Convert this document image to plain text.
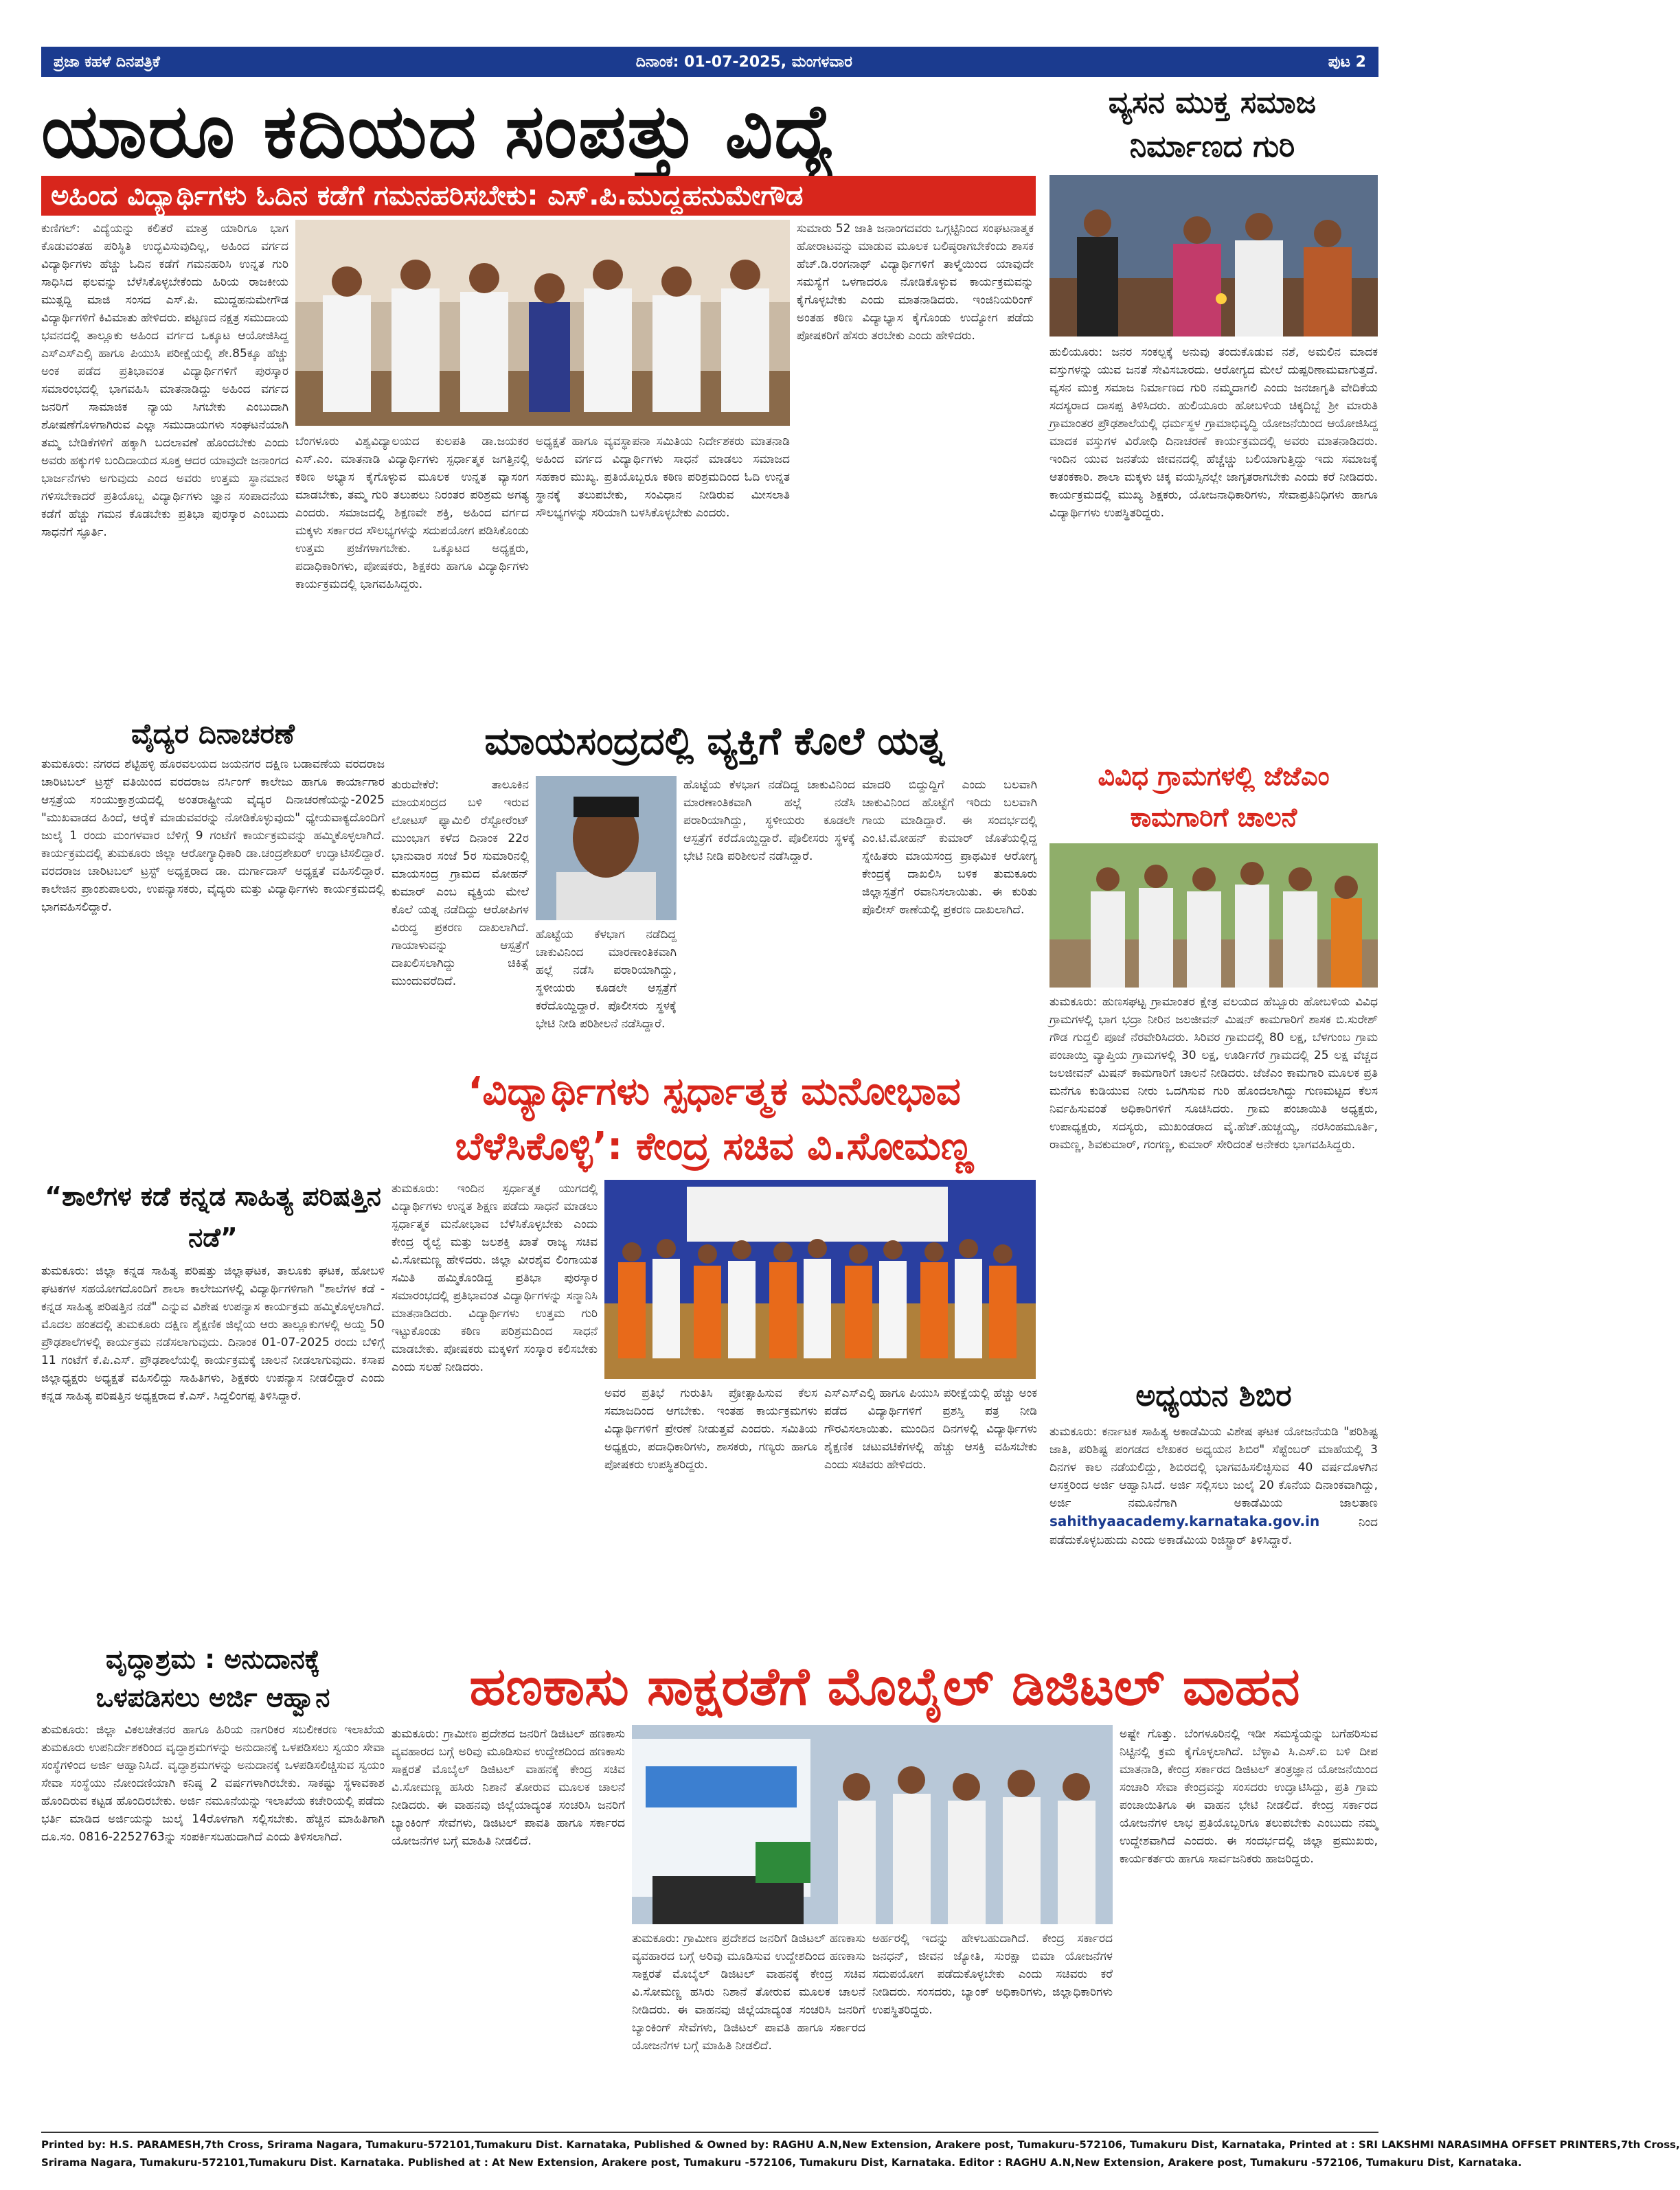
ಪ್ರಜಾ ಕಹಳೆ ದಿನಪತ್ರಿಕೆ	ದಿನಾಂಕ: 01-07-2025, ಮಂಗಳವಾರ	ಪುಟ 2
ಯಾರೂ ಕದಿಯದ ಸಂಪತ್ತು ವಿದ್ಯೆ	ವ್ಯಸನ ಮುಕ್ತ ಸಮಾಜ ನಿರ್ಮಾಣದ ಗುರಿ
ಅಹಿಂದ ವಿದ್ಯಾರ್ಥಿಗಳು ಓದಿನ ಕಡೆಗೆ ಗಮನಹರಿಸಬೇಕು: ಎಸ್.ಪಿ.ಮುದ್ದಹನುಮೇಗೌಡ
ಕುಣಿಗಲ್: ವಿದ್ಯೆಯನ್ನು ಕಲಿತರೆ ಮಾತ್ರ ಯಾರಿಗೂ ಭಾಗ ಕೊಡುವಂತಹ ಪರಿಸ್ಥಿತಿ ಉದ್ಭವಿಸುವುದಿಲ್ಲ, ಅಹಿಂದ ವರ್ಗದ ವಿದ್ಯಾರ್ಥಿಗಳು ಹೆಚ್ಚು ಓದಿನ ಕಡೆಗೆ ಗಮನಹರಿಸಿ ಉನ್ನತ ಗುರಿ ಸಾಧಿಸಿದ ಫಲವನ್ನು ಬೆಳೆಸಿಕೊಳ್ಳಬೇಕೆಂದು ಹಿರಿಯ ರಾಜಕೀಯ ಮುತ್ಸದ್ದಿ ಮಾಜಿ ಸಂಸದ ಎಸ್.ಪಿ. ಮುದ್ದಹನುಮೇಗೌಡ ವಿದ್ಯಾರ್ಥಿಗಳಿಗೆ ಕಿವಿಮಾತು ಹೇಳಿದರು. ಪಟ್ಟಣದ ನಕ್ಷತ್ರ ಸಮುದಾಯ ಭವನದಲ್ಲಿ ತಾಲ್ಲೂಕು ಅಹಿಂದ ವರ್ಗದ ಒಕ್ಕೂಟ ಆಯೋಜಿಸಿದ್ದ ಎಸ್ಎಸ್ಎಲ್ಸಿ ಹಾಗೂ ಪಿಯುಸಿ ಪರೀಕ್ಷೆಯಲ್ಲಿ ಶೇ.85ಕ್ಕೂ ಹೆಚ್ಚು ಅಂಕ ಪಡೆದ ಪ್ರತಿಭಾವಂತ ವಿದ್ಯಾರ್ಥಿಗಳಿಗೆ ಪುರಸ್ಕಾರ ಸಮಾರಂಭದಲ್ಲಿ ಭಾಗವಹಿಸಿ ಮಾತನಾಡಿದ್ದು ಅಹಿಂದ ವರ್ಗದ ಜನರಿಗೆ ಸಾಮಾಜಿಕ ನ್ಯಾಯ ಸಿಗಬೇಕು ಎಂಬುದಾಗಿ ಶೋಷಣೆಗೊಳಗಾಗಿರುವ ಎಲ್ಲಾ ಸಮುದಾಯಗಳು ಸಂಘಟನೆಯಾಗಿ ತಮ್ಮ ಬೇಡಿಕೆಗಳಿಗೆ ಹಕ್ಕಾಗಿ ಬದಲಾವಣೆ ಹೊಂದಬೇಕು ಎಂದು ಅವರು ಹಕ್ಕುಗಳಿ ಬಂದಿದಾಯದ ಸೂಕ್ತ ಆದರ ಯಾವುದೇ ಜನಾಂಗದ ಭಾರ್ಜನೆಗಳು ಅಗುವುದು ಎಂದ ಅವರು ಉತ್ತಮ ಸ್ಥಾನಮಾನ ಗಳಿಸಬೇಕಾದರೆ ಪ್ರತಿಯೊಬ್ಬ ವಿದ್ಯಾರ್ಥಿಗಳು ಜ್ಞಾನ ಸಂಪಾದನೆಯ ಕಡೆಗೆ ಹೆಚ್ಚು ಗಮನ ಕೊಡಬೇಕು ಪ್ರತಿಭಾ ಪುರಸ್ಕಾರ ಎಂಬುದು ಸಾಧನೆಗೆ ಸ್ಫೂರ್ತಿ.
ಬೆಂಗಳೂರು ವಿಶ್ವವಿದ್ಯಾಲಯದ ಕುಲಪತಿ ಡಾ.ಜಯಕರ ಎಸ್.ಎಂ. ಮಾತನಾಡಿ ವಿದ್ಯಾರ್ಥಿಗಳು ಸ್ಪರ್ಧಾತ್ಮಕ ಜಗತ್ತಿನಲ್ಲಿ ಕಠಿಣ ಅಭ್ಯಾಸ ಕೈಗೊಳ್ಳುವ ಮೂಲಕ ಉನ್ನತ ವ್ಯಾಸಂಗ ಮಾಡಬೇಕು, ತಮ್ಮ ಗುರಿ ತಲುಪಲು ನಿರಂತರ ಪರಿಶ್ರಮ ಅಗತ್ಯ ಎಂದರು. ಸಮಾಜದಲ್ಲಿ ಶಿಕ್ಷಣವೇ ಶಕ್ತಿ, ಅಹಿಂದ ವರ್ಗದ ಮಕ್ಕಳು ಸರ್ಕಾರದ ಸೌಲಭ್ಯಗಳನ್ನು ಸದುಪಯೋಗ ಪಡಿಸಿಕೊಂಡು ಉತ್ತಮ ಪ್ರಜೆಗಳಾಗಬೇಕು. ಒಕ್ಕೂಟದ ಅಧ್ಯಕ್ಷರು, ಪದಾಧಿಕಾರಿಗಳು, ಪೋಷಕರು, ಶಿಕ್ಷಕರು ಹಾಗೂ ವಿದ್ಯಾರ್ಥಿಗಳು ಕಾರ್ಯಕ್ರಮದಲ್ಲಿ ಭಾಗವಹಿಸಿದ್ದರು.
ಅಧ್ಯಕ್ಷತೆ ಹಾಗೂ ವ್ಯವಸ್ಥಾಪನಾ ಸಮಿತಿಯ ನಿರ್ದೇಶಕರು ಮಾತನಾಡಿ ಅಹಿಂದ ವರ್ಗದ ವಿದ್ಯಾರ್ಥಿಗಳು ಸಾಧನೆ ಮಾಡಲು ಸಮಾಜದ ಸಹಕಾರ ಮುಖ್ಯ. ಪ್ರತಿಯೊಬ್ಬರೂ ಕಠಿಣ ಪರಿಶ್ರಮದಿಂದ ಓದಿ ಉನ್ನತ ಸ್ಥಾನಕ್ಕೆ ತಲುಪಬೇಕು, ಸಂವಿಧಾನ ನೀಡಿರುವ ಮೀಸಲಾತಿ ಸೌಲಭ್ಯಗಳನ್ನು ಸರಿಯಾಗಿ ಬಳಸಿಕೊಳ್ಳಬೇಕು ಎಂದರು.
ಸುಮಾರು 52 ಜಾತಿ ಜನಾಂಗದವರು ಒಗ್ಗಟ್ಟಿನಿಂದ ಸಂಘಟನಾತ್ಮಕ ಹೋರಾಟವನ್ನು ಮಾಡುವ ಮೂಲಕ ಬಲಿಷ್ಠರಾಗಬೇಕೆಂದು ಶಾಸಕ ಹೆಚ್.ಡಿ.ರಂಗನಾಥ್ ವಿದ್ಯಾರ್ಥಿಗಳಿಗೆ ತಾಳ್ಮೆಯಿಂದ ಯಾವುದೇ ಸಮಸ್ಯೆಗೆ ಒಳಗಾದರೂ ನೋಡಿಕೊಳ್ಳುವ ಕಾರ್ಯಕ್ರಮವನ್ನು ಕೈಗೊಳ್ಳಬೇಕು ಎಂದು ಮಾತನಾಡಿದರು. ಇಂಜಿನಿಯರಿಂಗ್ ಅಂತಹ ಕಠಿಣ ವಿದ್ಯಾಭ್ಯಾಸ ಕೈಗೊಂಡು ಉದ್ಯೋಗ ಪಡೆದು ಪೋಷಕರಿಗೆ ಹೆಸರು ತರಬೇಕು ಎಂದು ಹೇಳಿದರು.
ಹುಲಿಯೂರು: ಜನರ ಸಂಕಲ್ಪಕ್ಕೆ ಅನುವು ತಂದುಕೊಡುವ ನಶೆ, ಅಮಲಿನ ಮಾದಕ ವಸ್ತುಗಳನ್ನು ಯುವ ಜನತೆ ಸೇವಿಸಬಾರದು. ಆರೋಗ್ಯದ ಮೇಲೆ ದುಷ್ಪರಿಣಾಮವಾಗುತ್ತದೆ. ವ್ಯಸನ ಮುಕ್ತ ಸಮಾಜ ನಿರ್ಮಾಣದ ಗುರಿ ನಮ್ಮದಾಗಲಿ ಎಂದು ಜನಜಾಗೃತಿ ವೇದಿಕೆಯ ಸದಸ್ಯರಾದ ದಾಸಪ್ಪ ತಿಳಿಸಿದರು. ಹುಲಿಯೂರು ಹೋಬಳಿಯ ಚಿಕ್ಕದಿಬ್ಬೆ ಶ್ರೀ ಮಾರುತಿ ಗ್ರಾಮಾಂತರ ಪ್ರೌಢಶಾಲೆಯಲ್ಲಿ ಧರ್ಮಸ್ಥಳ ಗ್ರಾಮಾಭಿವೃದ್ಧಿ ಯೋಜನೆಯಿಂದ ಆಯೋಜಿಸಿದ್ದ ಮಾದಕ ವಸ್ತುಗಳ ವಿರೋಧಿ ದಿನಾಚರಣೆ ಕಾರ್ಯಕ್ರಮದಲ್ಲಿ ಅವರು ಮಾತನಾಡಿದರು. ಇಂದಿನ ಯುವ ಜನತೆಯ ಜೀವನದಲ್ಲಿ ಹೆಚ್ಚೆಚ್ಚು ಬಲಿಯಾಗುತ್ತಿದ್ದು ಇದು ಸಮಾಜಕ್ಕೆ ಆತಂಕಕಾರಿ. ಶಾಲಾ ಮಕ್ಕಳು ಚಿಕ್ಕ ವಯಸ್ಸಿನಲ್ಲೇ ಜಾಗೃತರಾಗಬೇಕು ಎಂದು ಕರೆ ನೀಡಿದರು. ಕಾರ್ಯಕ್ರಮದಲ್ಲಿ ಮುಖ್ಯ ಶಿಕ್ಷಕರು, ಯೋಜನಾಧಿಕಾರಿಗಳು, ಸೇವಾಪ್ರತಿನಿಧಿಗಳು ಹಾಗೂ ವಿದ್ಯಾರ್ಥಿಗಳು ಉಪಸ್ಥಿತರಿದ್ದರು.
ವೈದ್ಯರ ದಿನಾಚರಣೆ
ತುಮಕೂರು: ನಗರದ ಶೆಟ್ಟಿಹಳ್ಳಿ ಹೊರವಲಯದ ಜಯನಗರ ದಕ್ಷಿಣ ಬಡಾವಣೆಯ ವರದರಾಜ ಚಾರಿಟಬಲ್ ಟ್ರಸ್ಟ್ ವತಿಯಿಂದ ವರದರಾಜ ನರ್ಸಿಂಗ್ ಕಾಲೇಜು ಹಾಗೂ ಕಾರ್ಯಾಗಾರ ಆಸ್ಪತ್ರೆಯ ಸಂಯುಕ್ತಾಶ್ರಯದಲ್ಲಿ ಅಂತರಾಷ್ಟ್ರೀಯ ವೈದ್ಯರ ದಿನಾಚರಣೆಯನ್ನು-2025 "ಮುಖವಾಡದ ಹಿಂದೆ, ಆರೈಕೆ ಮಾಡುವವರನ್ನು ನೋಡಿಕೊಳ್ಳುವುದು" ಧ್ಯೇಯವಾಕ್ಯದೊಂದಿಗೆ ಜುಲೈ 1 ರಂದು ಮಂಗಳವಾರ ಬೆಳಿಗ್ಗೆ 9 ಗಂಟೆಗೆ ಕಾರ್ಯಕ್ರಮವನ್ನು ಹಮ್ಮಿಕೊಳ್ಳಲಾಗಿದೆ. ಕಾರ್ಯಕ್ರಮದಲ್ಲಿ ತುಮಕೂರು ಜಿಲ್ಲಾ ಆರೋಗ್ಯಾಧಿಕಾರಿ ಡಾ.ಚಂದ್ರಶೇಖರ್ ಉದ್ಘಾಟಿಸಲಿದ್ದಾರೆ. ವರದರಾಜ ಚಾರಿಟಬಲ್ ಟ್ರಸ್ಟ್ ಅಧ್ಯಕ್ಷರಾದ ಡಾ. ದುರ್ಗಾದಾಸ್ ಅಧ್ಯಕ್ಷತೆ ವಹಿಸಲಿದ್ದಾರೆ. ಕಾಲೇಜಿನ ಪ್ರಾಂಶುಪಾಲರು, ಉಪನ್ಯಾಸಕರು, ವೈದ್ಯರು ಮತ್ತು ವಿದ್ಯಾರ್ಥಿಗಳು ಕಾರ್ಯಕ್ರಮದಲ್ಲಿ ಭಾಗವಹಿಸಲಿದ್ದಾರೆ.
“ಶಾಲೆಗಳ ಕಡೆ ಕನ್ನಡ ಸಾಹಿತ್ಯ ಪರಿಷತ್ತಿನ ನಡೆ”
ತುಮಕೂರು: ಜಿಲ್ಲಾ ಕನ್ನಡ ಸಾಹಿತ್ಯ ಪರಿಷತ್ತು ಜಿಲ್ಲಾಘಟಕ, ತಾಲೂಕು ಘಟಕ, ಹೋಬಳಿ ಘಟಕಗಳ ಸಹಯೋಗದೊಂದಿಗೆ ಶಾಲಾ ಕಾಲೇಜುಗಳಲ್ಲಿ ವಿದ್ಯಾರ್ಥಿಗಳಿಗಾಗಿ "ಶಾಲೆಗಳ ಕಡೆ - ಕನ್ನಡ ಸಾಹಿತ್ಯ ಪರಿಷತ್ತಿನ ನಡೆ" ಎನ್ನುವ ವಿಶೇಷ ಉಪನ್ಯಾಸ ಕಾರ್ಯಕ್ರಮ ಹಮ್ಮಿಕೊಳ್ಳಲಾಗಿದೆ. ಮೊದಲ ಹಂತದಲ್ಲಿ ತುಮಕೂರು ದಕ್ಷಿಣ ಶೈಕ್ಷಣಿಕ ಜಿಲ್ಲೆಯ ಆರು ತಾಲ್ಲೂಕುಗಳಲ್ಲಿ ಅಯ್ದ 50 ಪ್ರೌಢಶಾಲೆಗಳಲ್ಲಿ ಕಾರ್ಯಕ್ರಮ ನಡೆಸಲಾಗುವುದು. ದಿನಾಂಕ 01-07-2025 ರಂದು ಬೆಳಿಗ್ಗೆ 11 ಗಂಟೆಗೆ ಕೆ.ಪಿ.ಎಸ್. ಪ್ರೌಢಶಾಲೆಯಲ್ಲಿ ಕಾರ್ಯಕ್ರಮಕ್ಕೆ ಚಾಲನೆ ನೀಡಲಾಗುವುದು. ಕಸಾಪ ಜಿಲ್ಲಾಧ್ಯಕ್ಷರು ಅಧ್ಯಕ್ಷತೆ ವಹಿಸಲಿದ್ದು ಸಾಹಿತಿಗಳು, ಶಿಕ್ಷಕರು ಉಪನ್ಯಾಸ ನೀಡಲಿದ್ದಾರೆ ಎಂದು ಕನ್ನಡ ಸಾಹಿತ್ಯ ಪರಿಷತ್ತಿನ ಅಧ್ಯಕ್ಷರಾದ ಕೆ.ಎಸ್. ಸಿದ್ದಲಿಂಗಪ್ಪ ತಿಳಿಸಿದ್ದಾರೆ.
ವೃದ್ಧಾಶ್ರಮ : ಅನುದಾನಕ್ಕೆ
ಒಳಪಡಿಸಲು ಅರ್ಜಿ ಆಹ್ವಾನ
ತುಮಕೂರು: ಜಿಲ್ಲಾ ವಿಕಲಚೇತನರ ಹಾಗೂ ಹಿರಿಯ ನಾಗರಿಕರ ಸಬಲೀಕರಣ ಇಲಾಖೆಯ ತುಮಕೂರು ಉಪನಿರ್ದೇಶಕರಿಂದ ವೃದ್ಧಾಶ್ರಮಗಳನ್ನು ಅನುದಾನಕ್ಕೆ ಒಳಪಡಿಸಲು ಸ್ವಯಂ ಸೇವಾ ಸಂಸ್ಥೆಗಳಿಂದ ಅರ್ಜಿ ಆಹ್ವಾನಿಸಿದೆ. ವೃದ್ಧಾಶ್ರಮಗಳನ್ನು ಅನುದಾನಕ್ಕೆ ಒಳಪಡಿಸಲಿಚ್ಚಿಸುವ ಸ್ವಯಂ ಸೇವಾ ಸಂಸ್ಥೆಯು ನೋಂದಣಿಯಾಗಿ ಕನಿಷ್ಠ 2 ವರ್ಷಗಳಾಗಿರಬೇಕು. ಸಾಕಷ್ಟು ಸ್ಥಳಾವಕಾಶ ಹೊಂದಿರುವ ಕಟ್ಟಡ ಹೊಂದಿರಬೇಕು. ಅರ್ಜಿ ನಮೂನೆಯನ್ನು ಇಲಾಖೆಯ ಕಚೇರಿಯಲ್ಲಿ ಪಡೆದು ಭರ್ತಿ ಮಾಡಿದ ಅರ್ಜಿಯನ್ನು ಜುಲೈ 14ರೊಳಗಾಗಿ ಸಲ್ಲಿಸಬೇಕು. ಹೆಚ್ಚಿನ ಮಾಹಿತಿಗಾಗಿ ದೂ.ಸಂ. 0816-2252763ನ್ನು ಸಂಪರ್ಕಿಸಬಹುದಾಗಿದೆ ಎಂದು ತಿಳಿಸಲಾಗಿದೆ.
ಮಾಯಸಂದ್ರದಲ್ಲಿ ವ್ಯಕ್ತಿಗೆ ಕೊಲೆ ಯತ್ನ
ತುರುವೇಕೆರೆ: ತಾಲೂಕಿನ ಮಾಯಸಂದ್ರದ ಬಳಿ ಇರುವ ಲೋಟಸ್ ಫ್ಯಾಮಿಲಿ ರೆಸ್ಟೋರೆಂಟ್ ಮುಂಭಾಗ ಕಳೆದ ದಿನಾಂಕ 22ರ ಭಾನುವಾರ ಸಂಜೆ 5ರ ಸುಮಾರಿನಲ್ಲಿ ಮಾಯಸಂದ್ರ ಗ್ರಾಮದ ಮೋಹನ್ ಕುಮಾರ್ ಎಂಬ ವ್ಯಕ್ತಿಯ ಮೇಲೆ ಕೊಲೆ ಯತ್ನ ನಡೆದಿದ್ದು ಆರೋಪಿಗಳ ವಿರುದ್ಧ ಪ್ರಕರಣ ದಾಖಲಾಗಿದೆ. ಗಾಯಾಳುವನ್ನು ಆಸ್ಪತ್ರೆಗೆ ದಾಖಲಿಸಲಾಗಿದ್ದು ಚಿಕಿತ್ಸೆ ಮುಂದುವರೆದಿದೆ.
ಹೊಟ್ಟೆಯ ಕೆಳಭಾಗ ನಡೆದಿದ್ದ ಚಾಕುವಿನಿಂದ ಮಾರಣಾಂತಿಕವಾಗಿ ಹಲ್ಲೆ ನಡೆಸಿ ಪರಾರಿಯಾಗಿದ್ದು, ಸ್ಥಳೀಯರು ಕೂಡಲೇ ಆಸ್ಪತ್ರೆಗೆ ಕರೆದೊಯ್ದಿದ್ದಾರೆ. ಪೊಲೀಸರು ಸ್ಥಳಕ್ಕೆ ಭೇಟಿ ನೀಡಿ ಪರಿಶೀಲನೆ ನಡೆಸಿದ್ದಾರೆ.
ಹೊಟ್ಟೆಯ ಕೆಳಭಾಗ ನಡೆದಿದ್ದ ಚಾಕುವಿನಿಂದ ಮಾರಣಾಂತಿಕವಾಗಿ ಹಲ್ಲೆ ನಡೆಸಿ ಪರಾರಿಯಾಗಿದ್ದು, ಸ್ಥಳೀಯರು ಕೂಡಲೇ ಆಸ್ಪತ್ರೆಗೆ ಕರೆದೊಯ್ದಿದ್ದಾರೆ. ಪೊಲೀಸರು ಸ್ಥಳಕ್ಕೆ ಭೇಟಿ ನೀಡಿ ಪರಿಶೀಲನೆ ನಡೆಸಿದ್ದಾರೆ.
ಮಾದರಿ ಬಿದ್ದುದ್ದಿಗೆ ಎಂದು ಬಲವಾಗಿ ಚಾಕುವಿನಿಂದ ಹೊಟ್ಟೆಗೆ ಇರಿದು ಬಲವಾಗಿ ಗಾಯ ಮಾಡಿದ್ದಾರೆ. ಈ ಸಂದರ್ಭದಲ್ಲಿ ಎಂ.ಟಿ.ಮೋಹನ್ ಕುಮಾರ್ ಜೊತೆಯಲ್ಲಿದ್ದ ಸ್ನೇಹಿತರು ಮಾಯಸಂದ್ರ ಪ್ರಾಥಮಿಕ ಆರೋಗ್ಯ ಕೇಂದ್ರಕ್ಕೆ ದಾಖಲಿಸಿ ಬಳಿಕ ತುಮಕೂರು ಜಿಲ್ಲಾಸ್ಪತ್ರೆಗೆ ರವಾನಿಸಲಾಯಿತು. ಈ ಕುರಿತು ಪೊಲೀಸ್ ಠಾಣೆಯಲ್ಲಿ ಪ್ರಕರಣ ದಾಖಲಾಗಿದೆ.
ವಿವಿಧ ಗ್ರಾಮಗಳಲ್ಲಿ ಜೆಜೆಎಂ ಕಾಮಗಾರಿಗೆ ಚಾಲನೆ
ತುಮಕೂರು: ಹುಣಸಘಟ್ಟ ಗ್ರಾಮಾಂತರ ಕ್ಷೇತ್ರ ವಲಯದ ಹೆಬ್ಬೂರು ಹೋಬಳಿಯ ವಿವಿಧ ಗ್ರಾಮಗಳಲ್ಲಿ ಭಾಗ ಭದ್ರಾ ನೀರಿನ ಜಲಜೀವನ್ ಮಿಷನ್ ಕಾಮಗಾರಿಗೆ ಶಾಸಕ ಬಿ.ಸುರೇಶ್ ಗೌಡ ಗುದ್ದಲಿ ಪೂಜೆ ನೆರವೇರಿಸಿದರು. ಸಿರಿವರ ಗ್ರಾಮದಲ್ಲಿ 80 ಲಕ್ಷ, ಬೆಳಗುಂಬ ಗ್ರಾಮ ಪಂಚಾಯ್ತಿ ವ್ಯಾಪ್ತಿಯ ಗ್ರಾಮಗಳಲ್ಲಿ 30 ಲಕ್ಷ, ಊರ್ಡಿಗೆರೆ ಗ್ರಾಮದಲ್ಲಿ 25 ಲಕ್ಷ ವೆಚ್ಚದ ಜಲಜೀವನ್ ಮಿಷನ್ ಕಾಮಗಾರಿಗೆ ಚಾಲನೆ ನೀಡಿದರು. ಜೆಜೆಎಂ ಕಾಮಗಾರಿ ಮೂಲಕ ಪ್ರತಿ ಮನೆಗೂ ಕುಡಿಯುವ ನೀರು ಒದಗಿಸುವ ಗುರಿ ಹೊಂದಲಾಗಿದ್ದು ಗುಣಮಟ್ಟದ ಕೆಲಸ ನಿರ್ವಹಿಸುವಂತೆ ಅಧಿಕಾರಿಗಳಿಗೆ ಸೂಚಿಸಿದರು. ಗ್ರಾಮ ಪಂಚಾಯಿತಿ ಅಧ್ಯಕ್ಷರು, ಉಪಾಧ್ಯಕ್ಷರು, ಸದಸ್ಯರು, ಮುಖಂಡರಾದ ವೈ.ಹೆಚ್.ಹುಚ್ಚಯ್ಯ, ನರಸಿಂಹಮೂರ್ತಿ, ರಾಮಣ್ಣ, ಶಿವಕುಮಾರ್, ಗಂಗಣ್ಣ, ಕುಮಾರ್ ಸೇರಿದಂತೆ ಅನೇಕರು ಭಾಗವಹಿಸಿದ್ದರು.
ಅಧ್ಯಯನ ಶಿಬಿರ
ತುಮಕೂರು: ಕರ್ನಾಟಕ ಸಾಹಿತ್ಯ ಅಕಾಡೆಮಿಯ ವಿಶೇಷ ಘಟಕ ಯೋಜನೆಯಡಿ "ಪರಿಶಿಷ್ಟ ಜಾತಿ, ಪರಿಶಿಷ್ಟ ಪಂಗಡದ ಲೇಖಕರ ಅಧ್ಯಯನ ಶಿಬಿರ" ಸೆಪ್ಟೆಂಬರ್ ಮಾಹೆಯಲ್ಲಿ 3 ದಿನಗಳ ಕಾಲ ನಡೆಯಲಿದ್ದು, ಶಿಬಿರದಲ್ಲಿ ಭಾಗವಹಿಸಲಿಚ್ಛಿಸುವ 40 ವರ್ಷದೊಳಗಿನ ಆಸಕ್ತರಿಂದ ಅರ್ಜಿ ಆಹ್ವಾನಿಸಿದೆ. ಅರ್ಜಿ ಸಲ್ಲಿಸಲು ಜುಲೈ 20 ಕೊನೆಯ ದಿನಾಂಕವಾಗಿದ್ದು, ಅರ್ಜಿ ನಮೂನೆಗಾಗಿ ಅಕಾಡೆಮಿಯ ಜಾಲತಾಣ sahithyaacademy.karnataka.gov.in	ನಿಂದ ಪಡೆದುಕೊಳ್ಳಬಹುದು ಎಂದು ಅಕಾಡೆಮಿಯ ರಿಜಿಸ್ಟ್ರಾರ್ ತಿಳಿಸಿದ್ದಾರೆ.
‘ವಿದ್ಯಾರ್ಥಿಗಳು ಸ್ಪರ್ಧಾತ್ಮಕ ಮನೋಭಾವ
ಬೆಳೆಸಿಕೊಳ್ಳಿ’: ಕೇಂದ್ರ ಸಚಿವ ವಿ.ಸೋಮಣ್ಣ
ತುಮಕೂರು: ಇಂದಿನ ಸ್ಪರ್ಧಾತ್ಮಕ ಯುಗದಲ್ಲಿ ವಿದ್ಯಾರ್ಥಿಗಳು ಉನ್ನತ ಶಿಕ್ಷಣ ಪಡೆದು ಸಾಧನೆ ಮಾಡಲು ಸ್ಪರ್ಧಾತ್ಮಕ ಮನೋಭಾವ ಬೆಳೆಸಿಕೊಳ್ಳಬೇಕು ಎಂದು ಕೇಂದ್ರ ರೈಲ್ವೆ ಮತ್ತು ಜಲಶಕ್ತಿ ಖಾತೆ ರಾಜ್ಯ ಸಚಿವ ವಿ.ಸೋಮಣ್ಣ ಹೇಳಿದರು. ಜಿಲ್ಲಾ ವೀರಶೈವ ಲಿಂಗಾಯತ ಸಮಿತಿ ಹಮ್ಮಿಕೊಂಡಿದ್ದ ಪ್ರತಿಭಾ ಪುರಸ್ಕಾರ ಸಮಾರಂಭದಲ್ಲಿ ಪ್ರತಿಭಾವಂತ ವಿದ್ಯಾರ್ಥಿಗಳನ್ನು ಸನ್ಮಾನಿಸಿ ಮಾತನಾಡಿದರು. ವಿದ್ಯಾರ್ಥಿಗಳು ಉತ್ತಮ ಗುರಿ ಇಟ್ಟುಕೊಂಡು ಕಠಿಣ ಪರಿಶ್ರಮದಿಂದ ಸಾಧನೆ ಮಾಡಬೇಕು. ಪೋಷಕರು ಮಕ್ಕಳಿಗೆ ಸಂಸ್ಕಾರ ಕಲಿಸಬೇಕು ಎಂದು ಸಲಹೆ ನೀಡಿದರು.
ಅವರ ಪ್ರತಿಭೆ ಗುರುತಿಸಿ ಪ್ರೋತ್ಸಾಹಿಸುವ ಕೆಲಸ ಸಮಾಜದಿಂದ ಆಗಬೇಕು. ಇಂತಹ ಕಾರ್ಯಕ್ರಮಗಳು ವಿದ್ಯಾರ್ಥಿಗಳಿಗೆ ಪ್ರೇರಣೆ ನೀಡುತ್ತವೆ ಎಂದರು. ಸಮಿತಿಯ ಅಧ್ಯಕ್ಷರು, ಪದಾಧಿಕಾರಿಗಳು, ಶಾಸಕರು, ಗಣ್ಯರು ಹಾಗೂ ಪೋಷಕರು ಉಪಸ್ಥಿತರಿದ್ದರು.
ಎಸ್ಎಸ್ಎಲ್ಸಿ ಹಾಗೂ ಪಿಯುಸಿ ಪರೀಕ್ಷೆಯಲ್ಲಿ ಹೆಚ್ಚು ಅಂಕ ಪಡೆದ ವಿದ್ಯಾರ್ಥಿಗಳಿಗೆ ಪ್ರಶಸ್ತಿ ಪತ್ರ ನೀಡಿ ಗೌರವಿಸಲಾಯಿತು. ಮುಂದಿನ ದಿನಗಳಲ್ಲಿ ವಿದ್ಯಾರ್ಥಿಗಳು ಶೈಕ್ಷಣಿಕ ಚಟುವಟಿಕೆಗಳಲ್ಲಿ ಹೆಚ್ಚು ಆಸಕ್ತಿ ವಹಿಸಬೇಕು ಎಂದು ಸಚಿವರು ಹೇಳಿದರು.
ಹಣಕಾಸು ಸಾಕ್ಷರತೆಗೆ ಮೊಬೈಲ್ ಡಿಜಿಟಲ್ ವಾಹನ
ತುಮಕೂರು: ಗ್ರಾಮೀಣ ಪ್ರದೇಶದ ಜನರಿಗೆ ಡಿಜಿಟಲ್ ಹಣಕಾಸು ವ್ಯವಹಾರದ ಬಗ್ಗೆ ಅರಿವು ಮೂಡಿಸುವ ಉದ್ದೇಶದಿಂದ ಹಣಕಾಸು ಸಾಕ್ಷರತೆ ಮೊಬೈಲ್ ಡಿಜಿಟಲ್ ವಾಹನಕ್ಕೆ ಕೇಂದ್ರ ಸಚಿವ ವಿ.ಸೋಮಣ್ಣ ಹಸಿರು ನಿಶಾನೆ ತೋರುವ ಮೂಲಕ ಚಾಲನೆ ನೀಡಿದರು. ಈ ವಾಹನವು ಜಿಲ್ಲೆಯಾದ್ಯಂತ ಸಂಚರಿಸಿ ಜನರಿಗೆ ಬ್ಯಾಂಕಿಂಗ್ ಸೇವೆಗಳು, ಡಿಜಿಟಲ್ ಪಾವತಿ ಹಾಗೂ ಸರ್ಕಾರದ ಯೋಜನೆಗಳ ಬಗ್ಗೆ ಮಾಹಿತಿ ನೀಡಲಿದೆ.
ತುಮಕೂರು: ಗ್ರಾಮೀಣ ಪ್ರದೇಶದ ಜನರಿಗೆ ಡಿಜಿಟಲ್ ಹಣಕಾಸು ವ್ಯವಹಾರದ ಬಗ್ಗೆ ಅರಿವು ಮೂಡಿಸುವ ಉದ್ದೇಶದಿಂದ ಹಣಕಾಸು ಸಾಕ್ಷರತೆ ಮೊಬೈಲ್ ಡಿಜಿಟಲ್ ವಾಹನಕ್ಕೆ ಕೇಂದ್ರ ಸಚಿವ ವಿ.ಸೋಮಣ್ಣ ಹಸಿರು ನಿಶಾನೆ ತೋರುವ ಮೂಲಕ ಚಾಲನೆ ನೀಡಿದರು. ಈ ವಾಹನವು ಜಿಲ್ಲೆಯಾದ್ಯಂತ ಸಂಚರಿಸಿ ಜನರಿಗೆ ಬ್ಯಾಂಕಿಂಗ್ ಸೇವೆಗಳು, ಡಿಜಿಟಲ್ ಪಾವತಿ ಹಾಗೂ ಸರ್ಕಾರದ ಯೋಜನೆಗಳ ಬಗ್ಗೆ ಮಾಹಿತಿ ನೀಡಲಿದೆ.
ಅರ್ಹರಲ್ಲಿ ಇದನ್ನು ಹೇಳಬಹುದಾಗಿದೆ. ಕೇಂದ್ರ ಸರ್ಕಾರದ ಜನಧನ್, ಜೀವನ ಜ್ಯೋತಿ, ಸುರಕ್ಷಾ ಬಿಮಾ ಯೋಜನೆಗಳ ಸದುಪಯೋಗ ಪಡೆದುಕೊಳ್ಳಬೇಕು ಎಂದು ಸಚಿವರು ಕರೆ ನೀಡಿದರು. ಸಂಸದರು, ಬ್ಯಾಂಕ್ ಅಧಿಕಾರಿಗಳು, ಜಿಲ್ಲಾಧಿಕಾರಿಗಳು ಉಪಸ್ಥಿತರಿದ್ದರು.
ಅಷ್ಟೇ ಗೊತ್ತು. ಬೆಂಗಳೂರಿನಲ್ಲಿ ಇಡೀ ಸಮಸ್ಯೆಯನ್ನು ಬಗೆಹರಿಸುವ ನಿಟ್ಟಿನಲ್ಲಿ ಕ್ರಮ ಕೈಗೊಳ್ಳಲಾಗಿದೆ. ಬೆಳ್ಳಾವಿ ಸಿ.ಎಸ್.ಐ ಬಳಿ ದೀಪ ಮಾತನಾಡಿ, ಕೇಂದ್ರ ಸರ್ಕಾರದ ಡಿಜಿಟಲ್ ತಂತ್ರಜ್ಞಾನ ಯೋಜನೆಯಿಂದ ಸಂಚಾರಿ ಸೇವಾ ಕೇಂದ್ರವನ್ನು ಸಂಸದರು ಉದ್ಘಾಟಿಸಿದ್ದು, ಪ್ರತಿ ಗ್ರಾಮ ಪಂಚಾಯಿತಿಗೂ ಈ ವಾಹನ ಭೇಟಿ ನೀಡಲಿದೆ. ಕೇಂದ್ರ ಸರ್ಕಾರದ ಯೋಜನೆಗಳ ಲಾಭ ಪ್ರತಿಯೊಬ್ಬರಿಗೂ ತಲುಪಬೇಕು ಎಂಬುದು ನಮ್ಮ ಉದ್ದೇಶವಾಗಿದೆ ಎಂದರು. ಈ ಸಂದರ್ಭದಲ್ಲಿ ಜಿಲ್ಲಾ ಪ್ರಮುಖರು, ಕಾರ್ಯಕರ್ತರು ಹಾಗೂ ಸಾರ್ವಜನಿಕರು ಹಾಜರಿದ್ದರು.
Printed by: H.S. PARAMESH,7th Cross, Srirama Nagara, Tumakuru-572101,Tumakuru Dist. Karnataka, Published & Owned by: RAGHU A.N,New Extension, Arakere post, Tumakuru-572106, Tumakuru Dist, Karnataka, Printed at : SRI LAKSHMI NARASIMHA OFFSET PRINTERS,7th Cross,
Srirama Nagara, Tumakuru-572101,Tumakuru Dist. Karnataka. Published at : At New Extension, Arakere post, Tumakuru -572106, Tumakuru Dist, Karnataka. Editor : RAGHU A.N,New Extension, Arakere post, Tumakuru -572106, Tumakuru Dist, Karnataka.
